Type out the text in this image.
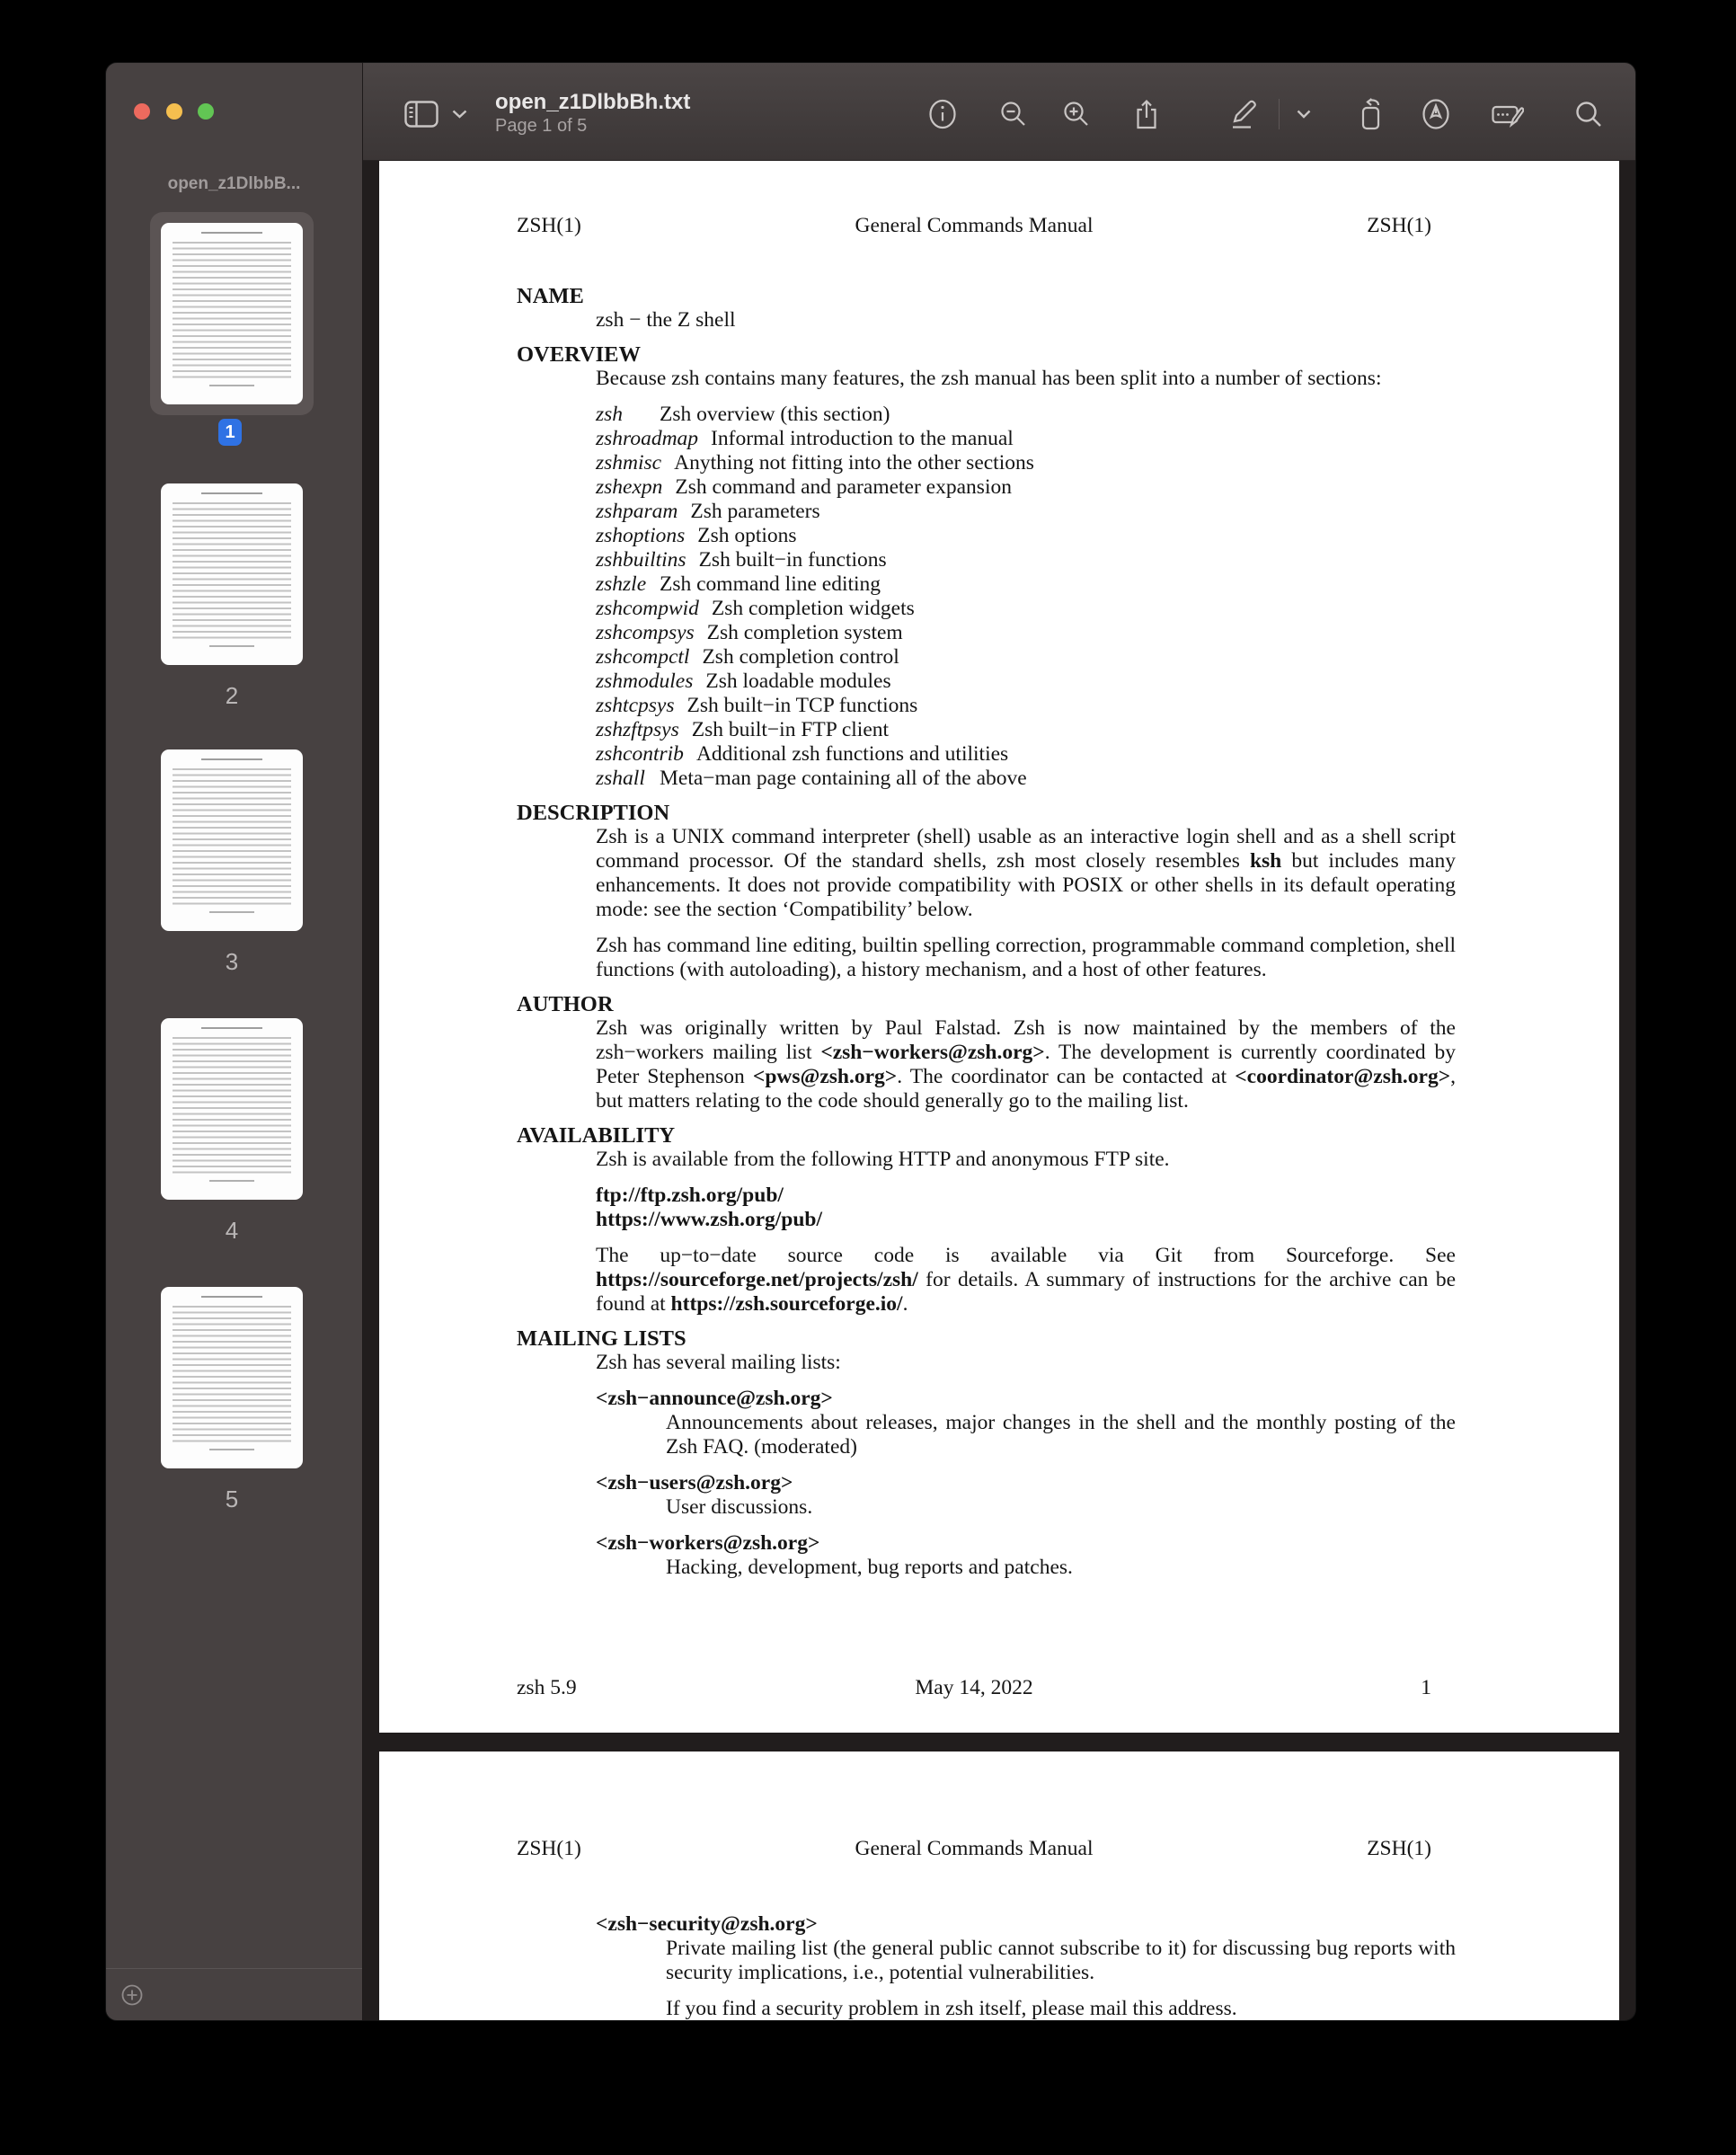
open_z1DlbbB...
1
2
3
4
5
open_z1DlbbBh.txt
Page 1 of 5
ZSH(1)	General Commands Manual	ZSH(1)
NAME
zsh − the Z shell
OVERVIEW
Because zsh contains many features, the zsh manual has been split into a number of sections:
zsh Zsh overview (this section)
zshroadmap Informal introduction to the manual
zshmisc Anything not fitting into the other sections
zshexpn Zsh command and parameter expansion
zshparam Zsh parameters
zshoptions Zsh options
zshbuiltins Zsh built−in functions
zshzle Zsh command line editing
zshcompwid Zsh completion widgets
zshcompsys Zsh completion system
zshcompctl Zsh completion control
zshmodules Zsh loadable modules
zshtcpsys Zsh built−in TCP functions
zshzftpsys Zsh built−in FTP client
zshcontrib Additional zsh functions and utilities
zshall Meta−man page containing all of the above
DESCRIPTION
Zsh is a UNIX command interpreter (shell) usable as an interactive login shell and as a shell script command processor. Of the standard shells, zsh most closely resembles ksh but includes many enhancements. It does not provide compatibility with POSIX or other shells in its default operating mode: see the section ‘Compatibility’ below.
Zsh has command line editing, builtin spelling correction, programmable command completion, shell functions (with autoloading), a history mechanism, and a host of other features.
AUTHOR
Zsh was originally written by Paul Falstad. Zsh is now maintained by the members of the zsh−workers mailing list <zsh−workers@zsh.org>. The development is currently coordinated by Peter Stephenson <pws@zsh.org>. The coordinator can be contacted at <coordinator@zsh.org>, but matters relating to the code should generally go to the mailing list.
AVAILABILITY
Zsh is available from the following HTTP and anonymous FTP site.
ftp://ftp.zsh.org/pub/
https://www.zsh.org/pub/
The up−to−date source code is available via Git from Sourceforge. See https://sourceforge.net/projects/zsh/ for details. A summary of instructions for the archive can be found at https://zsh.sourceforge.io/.
MAILING LISTS
Zsh has several mailing lists:
<zsh−announce@zsh.org>
Announcements about releases, major changes in the shell and the monthly posting of the Zsh FAQ. (moderated)
<zsh−users@zsh.org>
User discussions.
<zsh−workers@zsh.org>
Hacking, development, bug reports and patches.
zsh 5.9	May 14, 2022	1
ZSH(1)	General Commands Manual	ZSH(1)
<zsh−security@zsh.org>
Private mailing list (the general public cannot subscribe to it) for discussing bug reports with security implications, i.e., potential vulnerabilities.
If you find a security problem in zsh itself, please mail this address.
